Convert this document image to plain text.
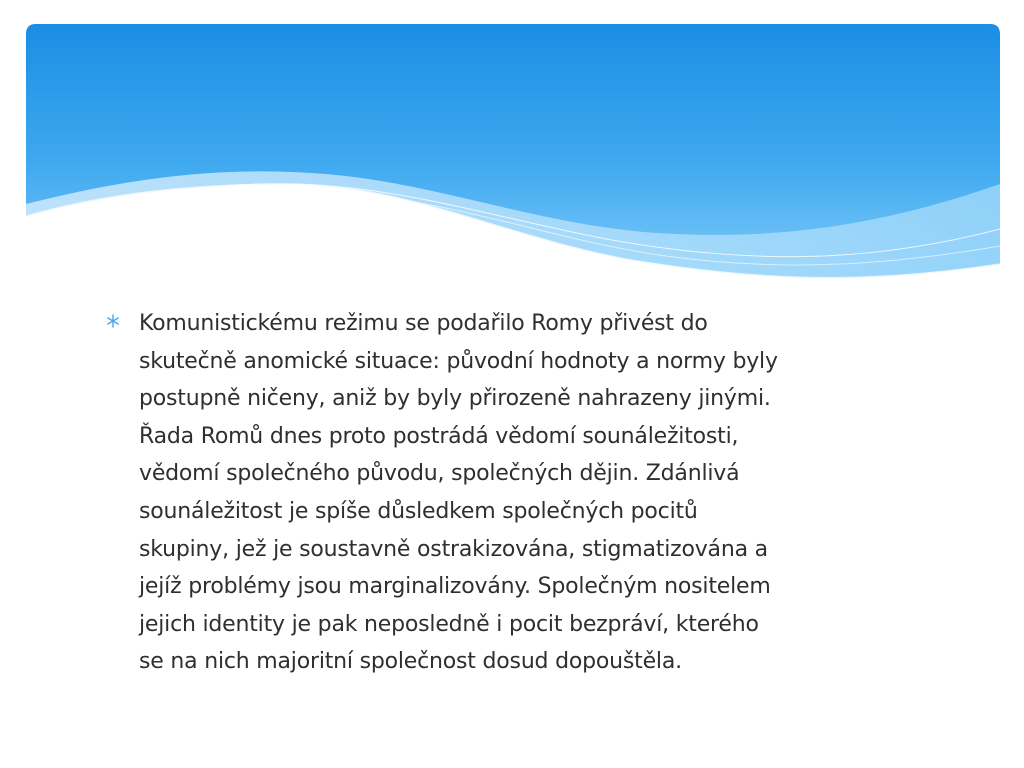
Komunistickému režimu se podařilo Romy přivést do
skutečně anomické situace: původní hodnoty a normy byly
postupně ničeny, aniž by byly přirozeně nahrazeny jinými.
Řada Romů dnes proto postrádá vědomí sounáležitosti,
vědomí společného původu, společných dějin. Zdánlivá
sounáležitost je spíše důsledkem společných pocitů
skupiny, jež je soustavně ostrakizována, stigmatizována a
jejíž problémy jsou marginalizovány. Společným nositelem
jejich identity je pak neposledně i pocit bezpráví, kterého
se na nich majoritní společnost dosud dopouštěla.
